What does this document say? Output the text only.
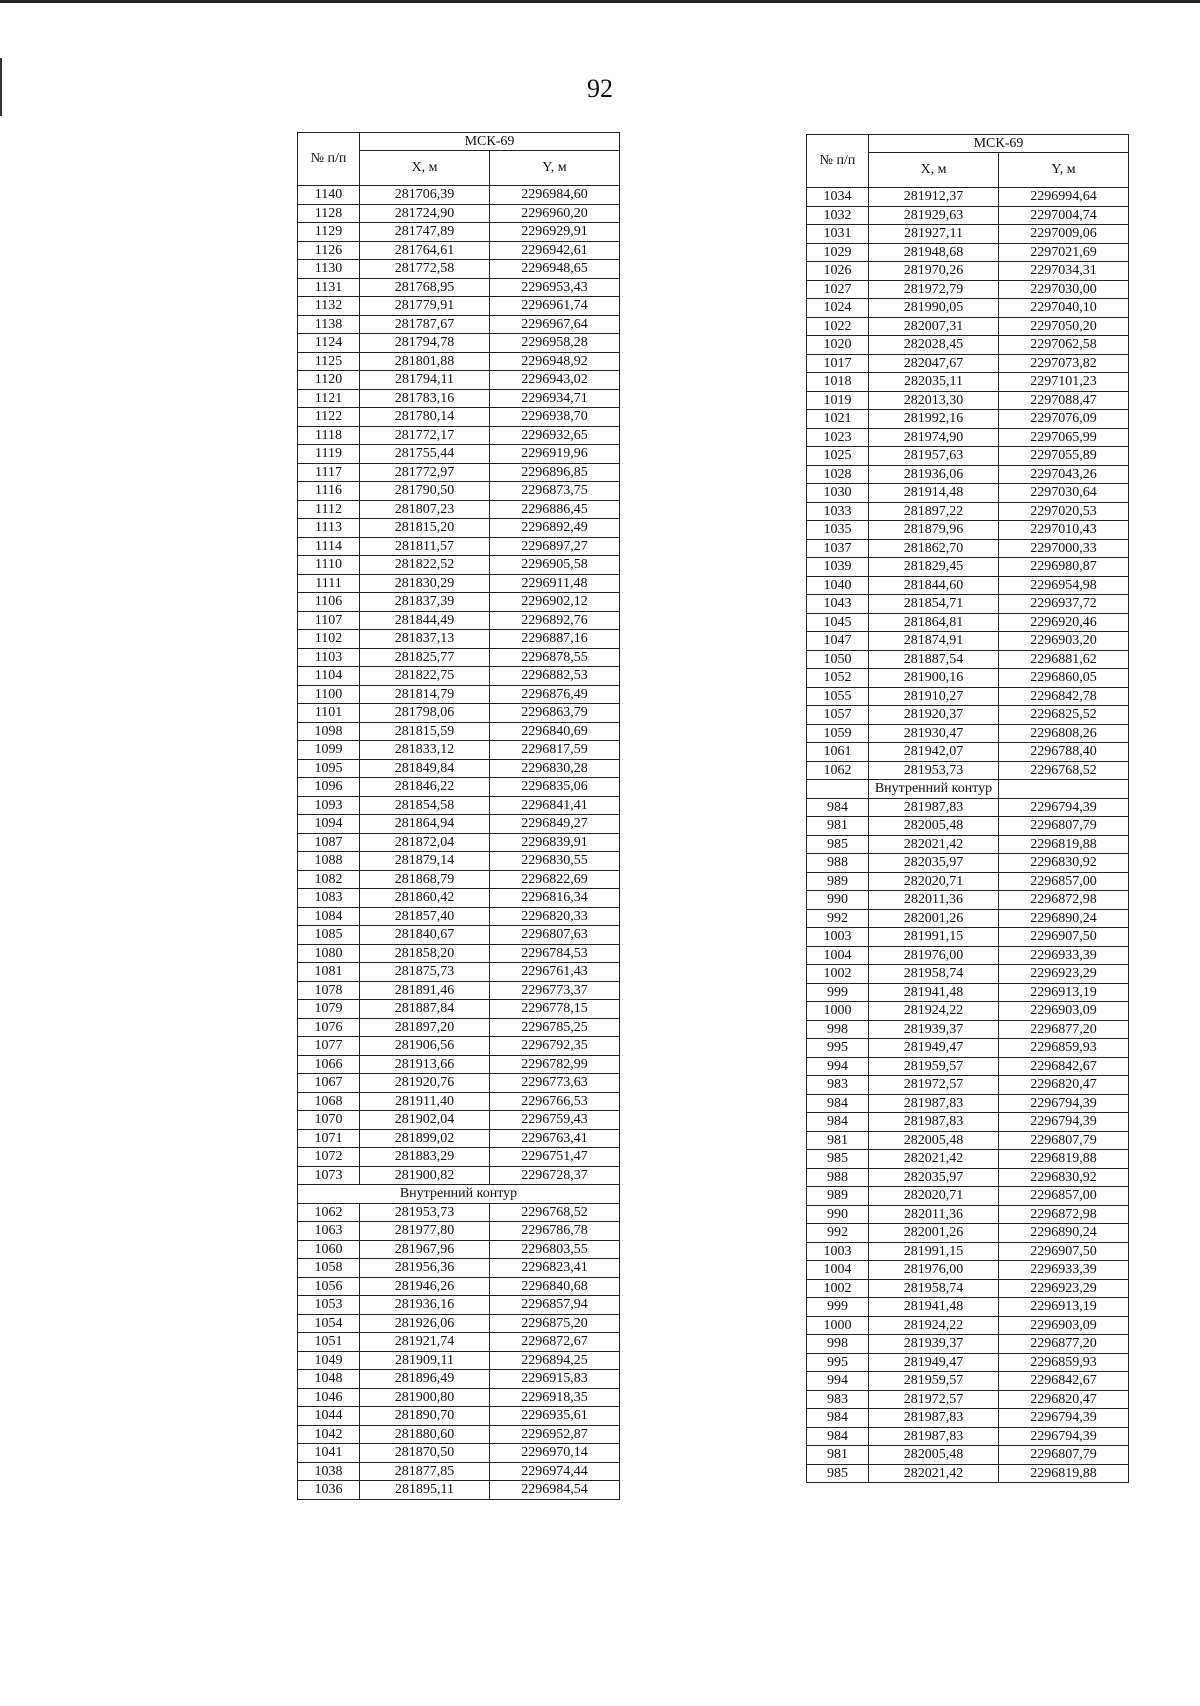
92
№ п/п	МСК-69	
	X, м	Y, м
1140	281706,39	2296984,60
1128	281724,90	2296960,20
1129	281747,89	2296929,91
1126	281764,61	2296942,61
1130	281772,58	2296948,65
1131	281768,95	2296953,43
1132	281779,91	2296961,74
1138	281787,67	2296967,64
1124	281794,78	2296958,28
1125	281801,88	2296948,92
1120	281794,11	2296943,02
1121	281783,16	2296934,71
1122	281780,14	2296938,70
1118	281772,17	2296932,65
1119	281755,44	2296919,96
1117	281772,97	2296896,85
1116	281790,50	2296873,75
1112	281807,23	2296886,45
1113	281815,20	2296892,49
1114	281811,57	2296897,27
1110	281822,52	2296905,58
1111	281830,29	2296911,48
1106	281837,39	2296902,12
1107	281844,49	2296892,76
1102	281837,13	2296887,16
1103	281825,77	2296878,55
1104	281822,75	2296882,53
1100	281814,79	2296876,49
1101	281798,06	2296863,79
1098	281815,59	2296840,69
1099	281833,12	2296817,59
1095	281849,84	2296830,28
1096	281846,22	2296835,06
1093	281854,58	2296841,41
1094	281864,94	2296849,27
1087	281872,04	2296839,91
1088	281879,14	2296830,55
1082	281868,79	2296822,69
1083	281860,42	2296816,34
1084	281857,40	2296820,33
1085	281840,67	2296807,63
1080	281858,20	2296784,53
1081	281875,73	2296761,43
1078	281891,46	2296773,37
1079	281887,84	2296778,15
1076	281897,20	2296785,25
1077	281906,56	2296792,35
1066	281913,66	2296782,99
1067	281920,76	2296773,63
1068	281911,40	2296766,53
1070	281902,04	2296759,43
1071	281899,02	2296763,41
1072	281883,29	2296751,47
1073	281900,82	2296728,37
Внутренний контур		
1062	281953,73	2296768,52
1063	281977,80	2296786,78
1060	281967,96	2296803,55
1058	281956,36	2296823,41
1056	281946,26	2296840,68
1053	281936,16	2296857,94
1054	281926,06	2296875,20
1051	281921,74	2296872,67
1049	281909,11	2296894,25
1048	281896,49	2296915,83
1046	281900,80	2296918,35
1044	281890,70	2296935,61
1042	281880,60	2296952,87
1041	281870,50	2296970,14
1038	281877,85	2296974,44
1036	281895,11	2296984,54
№ п/п	МСК-69	
	X, м	Y, м
1034	281912,37	2296994,64
1032	281929,63	2297004,74
1031	281927,11	2297009,06
1029	281948,68	2297021,69
1026	281970,26	2297034,31
1027	281972,79	2297030,00
1024	281990,05	2297040,10
1022	282007,31	2297050,20
1020	282028,45	2297062,58
1017	282047,67	2297073,82
1018	282035,11	2297101,23
1019	282013,30	2297088,47
1021	281992,16	2297076,09
1023	281974,90	2297065,99
1025	281957,63	2297055,89
1028	281936,06	2297043,26
1030	281914,48	2297030,64
1033	281897,22	2297020,53
1035	281879,96	2297010,43
1037	281862,70	2297000,33
1039	281829,45	2296980,87
1040	281844,60	2296954,98
1043	281854,71	2296937,72
1045	281864,81	2296920,46
1047	281874,91	2296903,20
1050	281887,54	2296881,62
1052	281900,16	2296860,05
1055	281910,27	2296842,78
1057	281920,37	2296825,52
1059	281930,47	2296808,26
1061	281942,07	2296788,40
1062	281953,73	2296768,52
	Внутренний контур	
984	281987,83	2296794,39
981	282005,48	2296807,79
985	282021,42	2296819,88
988	282035,97	2296830,92
989	282020,71	2296857,00
990	282011,36	2296872,98
992	282001,26	2296890,24
1003	281991,15	2296907,50
1004	281976,00	2296933,39
1002	281958,74	2296923,29
999	281941,48	2296913,19
1000	281924,22	2296903,09
998	281939,37	2296877,20
995	281949,47	2296859,93
994	281959,57	2296842,67
983	281972,57	2296820,47
984	281987,83	2296794,39
984	281987,83	2296794,39
981	282005,48	2296807,79
985	282021,42	2296819,88
988	282035,97	2296830,92
989	282020,71	2296857,00
990	282011,36	2296872,98
992	282001,26	2296890,24
1003	281991,15	2296907,50
1004	281976,00	2296933,39
1002	281958,74	2296923,29
999	281941,48	2296913,19
1000	281924,22	2296903,09
998	281939,37	2296877,20
995	281949,47	2296859,93
994	281959,57	2296842,67
983	281972,57	2296820,47
984	281987,83	2296794,39
984	281987,83	2296794,39
981	282005,48	2296807,79
985	282021,42	2296819,88
